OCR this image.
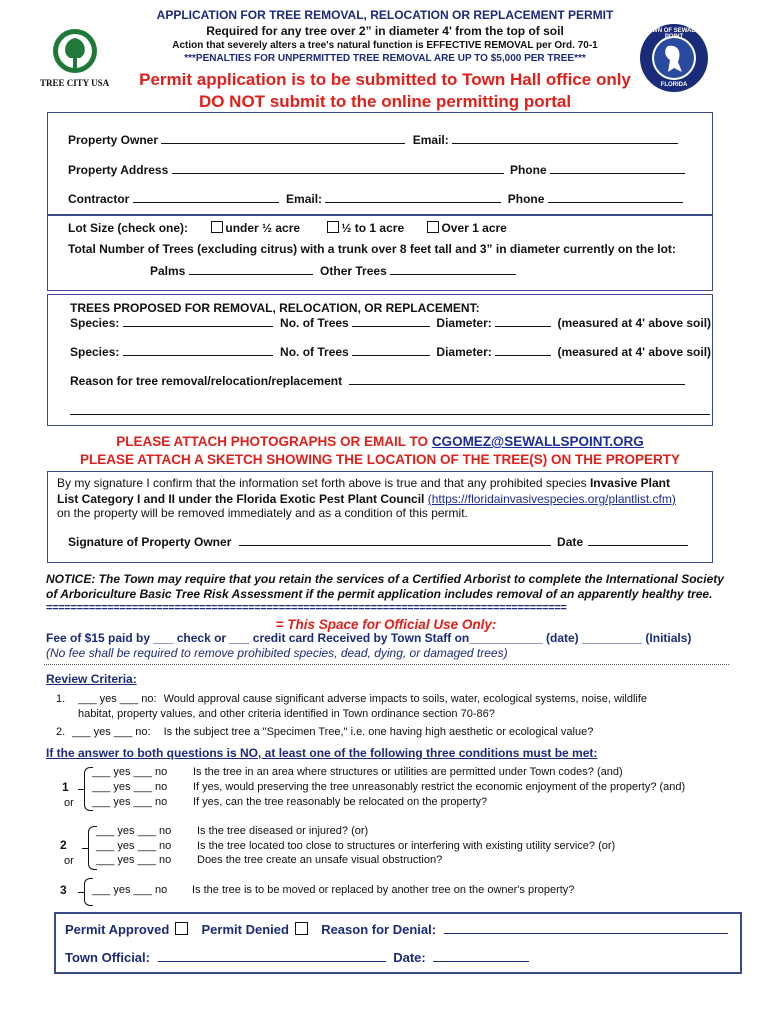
APPLICATION FOR TREE REMOVAL, RELOCATION OR REPLACEMENT PERMIT
Required for any tree over 2” in diameter 4' from the top of soil
Action that severely alters a tree's natural function is EFFECTIVE REMOVAL per Ord. 70-1
***PENALTIES FOR UNPERMITTED TREE REMOVAL ARE UP TO $5,000 PER TREE***
Permit application is to be submitted to Town Hall office only
DO NOT submit to the online permitting portal
TREE CITY USA
TOWN OF SEWALL'S POINT
FLORIDA
Property Owner	Email:
Property Address	Phone
Contractor	Email:	Phone
Lot Size (check one):	under ½ acre	½ to 1 acre	Over 1 acre
Total Number of Trees (excluding citrus) with a trunk over 8 feet tall and 3” in diameter currently on the lot:
Palms	Other Trees
TREES PROPOSED FOR REMOVAL, RELOCATION, OR REPLACEMENT:
Species:	No. of Trees	Diameter:	(measured at 4' above soil)
Species:	No. of Trees	Diameter:	(measured at 4' above soil)
Reason for tree removal/relocation/replacement
PLEASE ATTACH PHOTOGRAPHS OR EMAIL TO CGOMEZ@SEWALLSPOINT.ORG
PLEASE ATTACH A SKETCH SHOWING THE LOCATION OF THE TREE(S) ON THE PROPERTY
By my signature I confirm that the information set forth above is true and that any prohibited species Invasive Plant
List Category I and II under the Florida Exotic Pest Plant Council (https://floridainvasivespecies.org/plantlist.cfm)
on the property will be removed immediately and as a condition of this permit.
Signature of Property Owner	Date
NOTICE: The Town may require that you retain the services of a Certified Arborist to complete the International Society of Arboriculture Basic Tree Risk Assessment if the permit application includes removal of an apparently healthy tree.
=====================================================================================
= This Space for Official Use Only:
Fee of $15 paid by ___ check or ___ credit card Received by Town Staff on___________ (date) _________ (Initials)
(No fee shall be required to remove prohibited species, dead, dying, or damaged trees)
Review Criteria:
1. ___ yes ___ no: Would approval cause significant adverse impacts to soils, water, ecological systems, noise, wildlife
habitat, property values, and other criteria identified in Town ordinance section 70-86?
2. ___ yes ___ no: Is the subject tree a "Specimen Tree," i.e. one having high aesthetic or ecological value?
If the answer to both questions is NO, at least one of the following three conditions must be met:
1
or
___ yes ___ no Is the tree in an area where structures or utilities are permitted under Town codes? (and)
___ yes ___ no If yes, would preserving the tree unreasonably restrict the economic enjoyment of the property? (and)
___ yes ___ no If yes, can the tree reasonably be relocated on the property?
2
or
___ yes ___ no Is the tree diseased or injured? (or)
___ yes ___ no Is the tree located too close to structures or interfering with existing utility service? (or)
___ yes ___ no Does the tree create an unsafe visual obstruction?
3 ___ yes ___ no Is the tree is to be moved or replaced by another tree on the owner's property?
Permit Approved Permit Denied Reason for Denial:
Town Official:	Date:
